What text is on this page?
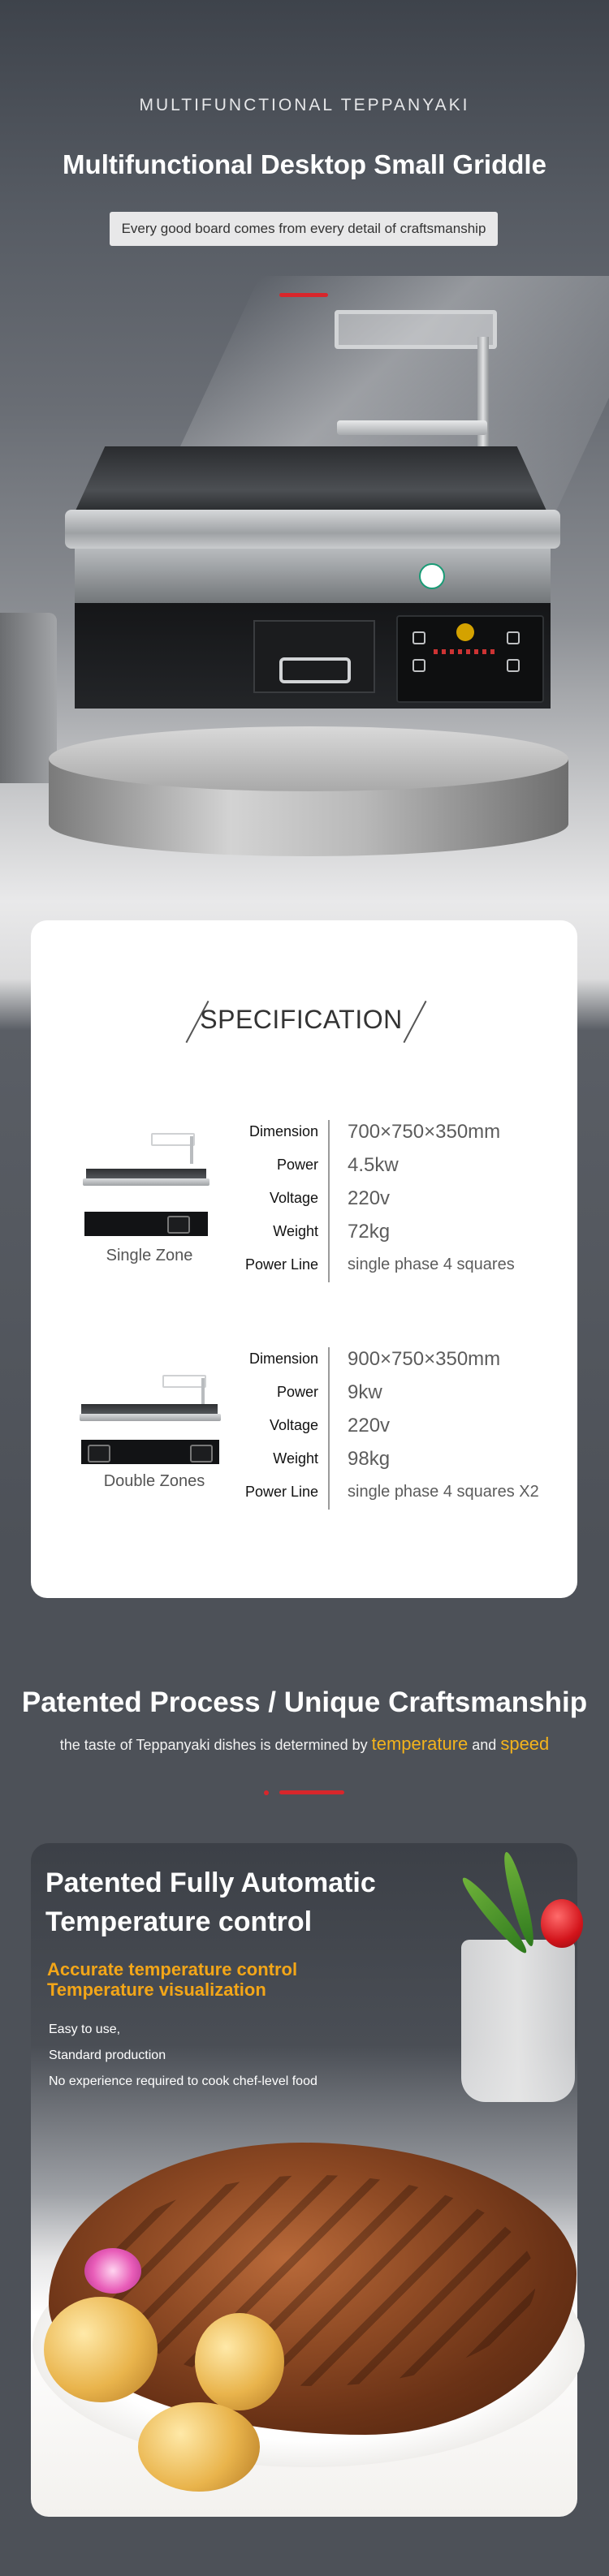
MULTIFUNCTIONAL TEPPANYAKI
Multifunctional Desktop Small Griddle
Every good board comes from every detail of craftsmanship
SPECIFICATION
Single Zone
Dimension
Power
Voltage
Weight
Power Line
700×750×350mm
4.5kw
220v
72kg
single phase 4 squares
Double Zones
Dimension
Power
Voltage
Weight
Power Line
900×750×350mm
9kw
220v
98kg
single phase 4 squares X2
Patented Process / Unique Craftsmanship
the taste of Teppanyaki dishes is determined by temperature and speed
Patented Fully Automatic
Temperature control
Accurate temperature control
Temperature visualization
Easy to use,
Standard production
No experience required to cook chef-level food
